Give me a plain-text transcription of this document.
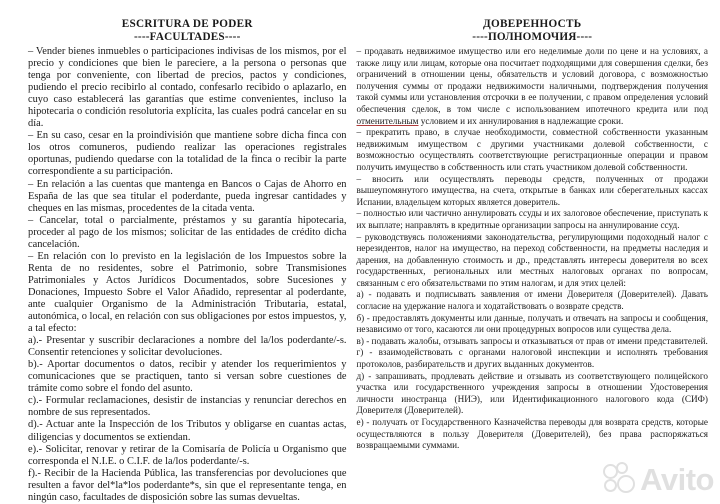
ESCRITURA DE PODER
----FACULTADES----

– Vender bienes inmuebles o participaciones indivisas de los mismos, por el precio y condiciones que bien le pareciere, a la persona o personas que tenga por conveniente, con libertad de precios, pactos y condiciones, pudiendo el precio recibirlo al contado, confesarlo recibido o aplazarlo, en cuyo caso establecerá las garantías que estime convenientes, incluso la hipotecaria o condición resolutoria explícita, las cuales podrá cancelar en su día.

– En su caso, cesar en la proindivisión que mantiene sobre dicha finca con los otros comuneros, pudiendo realizar las operaciones registrales oportunas, pudiendo quedarse con la totalidad de la finca o recibir la parte correspondiente a su participación.

– En relación a las cuentas que mantenga en Bancos o Cajas de Ahorro en España de las que sea titular el poderdante, pueda ingresar cantidades y cheques en las mismas, procedentes de la citada venta.

– Cancelar, total o parcialmente, préstamos y su garantía hipotecaria, proceder al pago de los mismos; solicitar de las entidades de crédito dicha cancelación.

– En relación con lo previsto en la legislación de los Impuestos sobre la Renta de no residentes, sobre el Patrimonio, sobre Transmisiones Patrimoniales y Actos Jurídicos Documentados, sobre Sucesiones y Donaciones, Impuesto Sobre el Valor Añadido, representar al poderdante, ante cualquier Organismo de la Administración Tributaria, estatal, autonómica, o local, en relación con sus obligaciones por estos impuestos, y, a tal efecto:

a).- Presentar y suscribir declaraciones a nombre del la/los poderdante/-s. Consentir retenciones y solicitar devoluciones.

b).- Aportar documentos o datos, recibir y atender los requerimientos y comunicaciones que se practiquen, tanto si versan sobre cuestiones de trámite como sobre el fondo del asunto.

c).- Formular reclamaciones, desistir de instancias y renunciar derechos en nombre de sus representados.

d).- Actuar ante la Inspección de los Tributos y obligarse en cuantas actas, diligencias y documentos se extiendan.

e).- Solicitar, renovar y retirar de la Comisaría de Policía u Organismo que corresponda el N.I.E. o C.I.F. de la/los poderdante/-s.

f).- Recibir de la Hacienda Pública, las transferencias por devoluciones que resulten a favor del*la*los poderdante*s, sin que el representante tenga, en ningún caso, facultades de disposición sobre las sumas devueltas.

ДОВЕРЕННОСТЬ
----ПОЛНОМОЧИЯ----

– продавать недвижимое имущество или его неделимые доли по цене и на условиях, а также лицу или лицам, которые она посчитает подходящими для совершения сделки, без ограничений в отношении цены, обязательств и условий договора, с возможностью получения суммы от продажи недвижимости наличными, подтверждения получения такой суммы или установления отсрочки в ее получении, с правом определения условий обеспечения сделок, в том числе с использованием ипотечного кредита или под отменительным условием и их аннулирования в надлежащие сроки.

– прекратить право, в случае необходимости, совместной собственности указанным недвижимым имуществом с другими участниками долевой собственности, с возможностью осуществлять соответствующие регистрационные операции и правом получить имущество в собственность или стать участником долевой собственности.

– вносить или осуществлять переводы средств, полученных от продажи вышеупомянутого имущества, на счета, открытые в банках или сберегательных кассах Испании, владельцем которых является доверитель.

– полностью или частично аннулировать ссуды и их залоговое обеспечение, приступать к их выплате; направлять в кредитные организации запросы на аннулирование ссуд.

– руководствуясь положениями законодательства, регулирующими подоходный налог с нерезидентов, налог на имущество, на переход собственности, на предметы наследия и дарения, на добавленную стоимость и др., представлять интересы доверителя во всех государственных, региональных или местных налоговых органах по вопросам, связанным с его обязательствами по этим налогам, и для этих целей:

а) - подавать и подписывать заявления от имени Доверителя (Доверителей). Давать согласие на удержание налога и ходатайствовать о возврате средств.

б) - предоставлять документы или данные, получать и отвечать на запросы и сообщения, независимо от того, касаются ли они процедурных вопросов или существа дела.

в) - подавать жалобы, отзывать запросы и отказываться от прав от имени представителей.

г) - взаимодействовать с органами налоговой инспекции и исполнять требования протоколов, разбирательств и других выданных документов.

д) - запрашивать, продлевать действие и отзывать из соответствующего полицейского участка или государственного учреждения запросы в отношении Удостоверения личности иностранца (НИЭ), или Идентификационного налогового кода (СИФ) Доверителя (Доверителей).

е) - получать от Государственного Казначейства переводы для возврата средств, которые осуществляются в пользу Доверителя (Доверителей), без права распоряжаться возвращаемыми суммами.

Avito
